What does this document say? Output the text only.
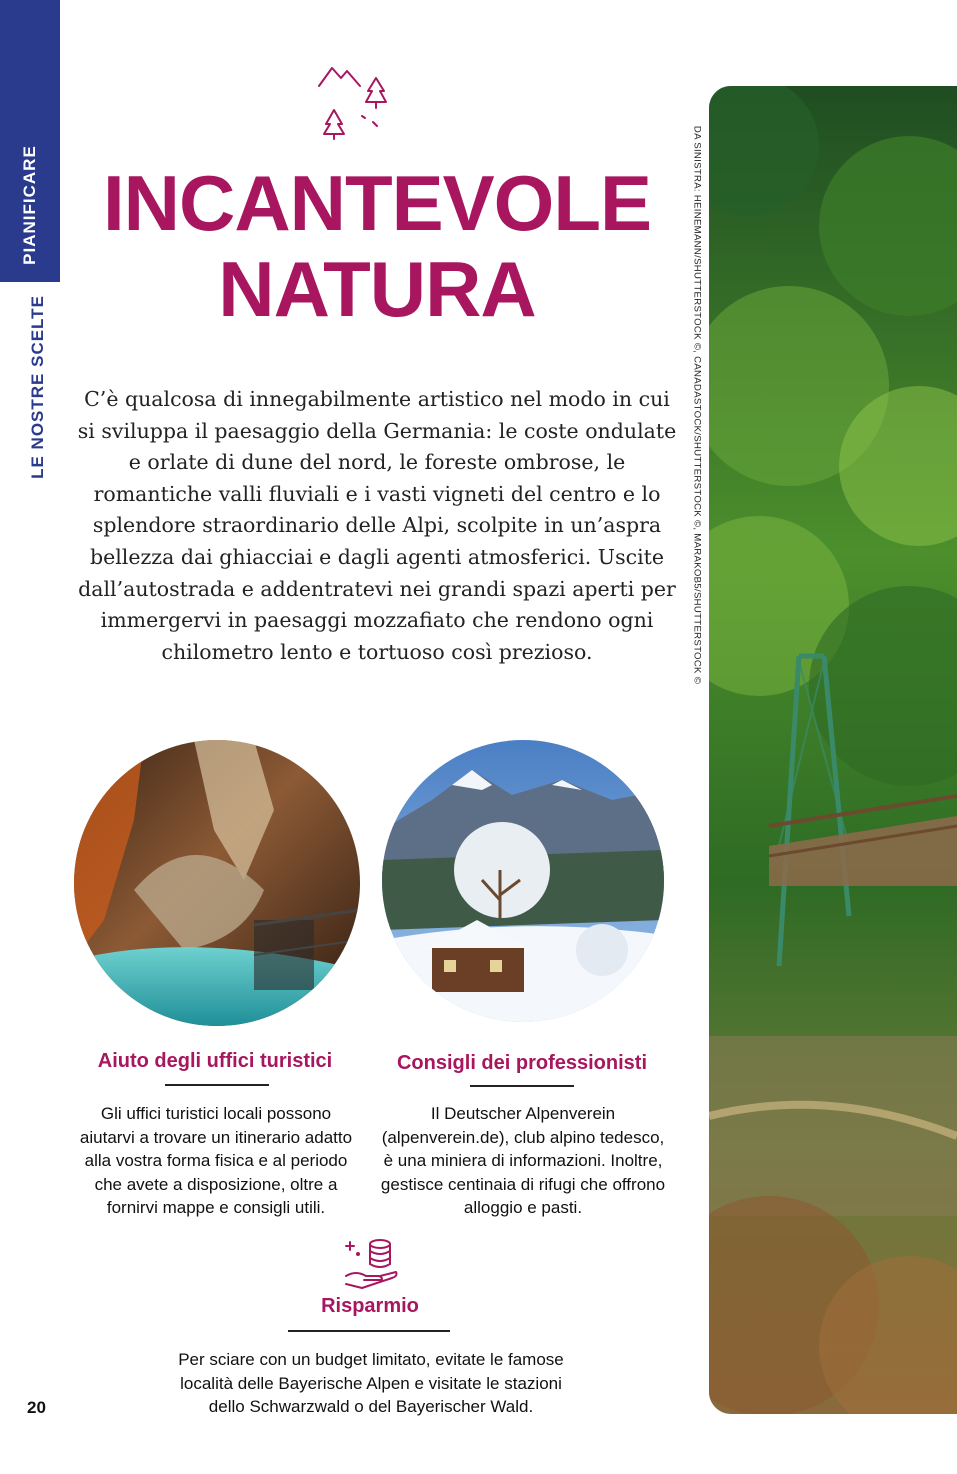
PIANIFICARE
LE NOSTRE SCELTE
INCANTEVOLE
NATURA

C’è qualcosa di innegabilmente artistico nel modo in cui si sviluppa il paesaggio della Germania: le coste ondulate e orlate di dune del nord, le foreste ombrose, le romantiche valli fluviali e i vasti vigneti del centro e lo splendore straordinario delle Alpi, scolpite in un’aspra bellezza dai ghiacciai e dagli agenti atmosferici. Uscite dall’autostrada e addentratevi nei grandi spazi aperti per immergervi in paesaggi mozzafiato che rendono ogni chilometro lento e tortuoso così prezioso.

Aiuto degli uffici turistici

Gli uffici turistici locali possono aiutarvi a trovare un itinerario adatto alla vostra forma fisica e al periodo che avete a disposizione, oltre a fornirvi mappe e consigli utili.

Consigli dei professionisti

Il Deutscher Alpenverein (alpenverein.de), club alpino tedesco, è una miniera di informazioni. Inoltre, gestisce centinaia di rifugi che offrono alloggio e pasti.

Risparmio

Per sciare con un budget limitato, evitate le famose località delle Bayerische Alpen e visitate le stazioni dello Schwarzwald o del Bayerischer Wald.

20
DA SINISTRA: HEINEMANN/SHUTTERSTOCK ©, CANADASTOCK/SHUTTERSTOCK ©, MARAKOB5/SHUTTERSTOCK ©
